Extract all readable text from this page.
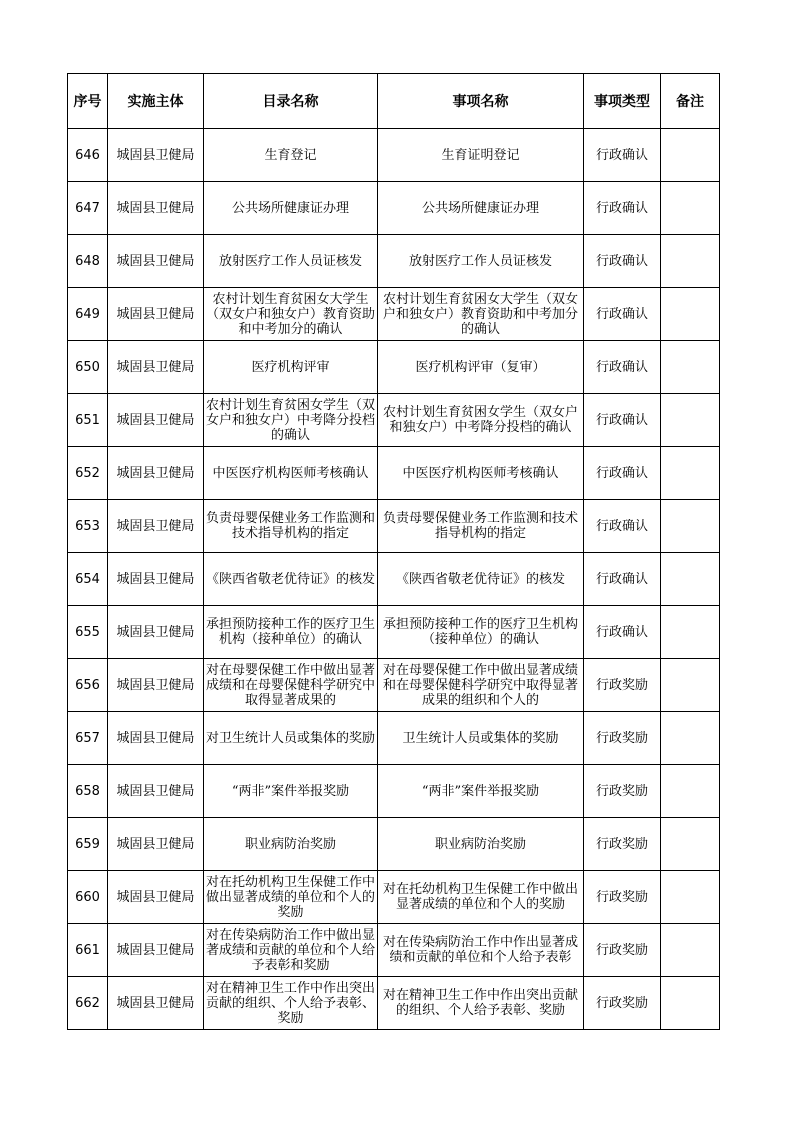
序号	实施主体	目录名称	事项名称	事项类型	备注

646	城固县卫健局	生育登记	生育证明登记	行政确认	

647	城固县卫健局	公共场所健康证办理	公共场所健康证办理	行政确认	

648	城固县卫健局	放射医疗工作人员证核发	放射医疗工作人员证核发	行政确认	

649	城固县卫健局	农村计划生育贫困女大学生（双女户和独女户）教育资助和中考加分的确认	农村计划生育贫困女大学生（双女户和独女户）教育资助和中考加分的确认	行政确认	

650	城固县卫健局	医疗机构评审	医疗机构评审（复审）	行政确认	

651	城固县卫健局	农村计划生育贫困女学生（双女户和独女户）中考降分投档的确认	农村计划生育贫困女学生（双女户和独女户）中考降分投档的确认	行政确认	

652	城固县卫健局	中医医疗机构医师考核确认	中医医疗机构医师考核确认	行政确认	

653	城固县卫健局	负责母婴保健业务工作监测和技术指导机构的指定	负责母婴保健业务工作监测和技术指导机构的指定	行政确认	

654	城固县卫健局	《陕西省敬老优待证》的核发	《陕西省敬老优待证》的核发	行政确认	

655	城固县卫健局	承担预防接种工作的医疗卫生机构（接种单位）的确认	承担预防接种工作的医疗卫生机构（接种单位）的确认	行政确认	

656	城固县卫健局	对在母婴保健工作中做出显著成绩和在母婴保健科学研究中取得显著成果的	对在母婴保健工作中做出显著成绩和在母婴保健科学研究中取得显著成果的组织和个人的	行政奖励	

657	城固县卫健局	对卫生统计人员或集体的奖励	卫生统计人员或集体的奖励	行政奖励	

658	城固县卫健局	“两非”案件举报奖励	“两非”案件举报奖励	行政奖励	

659	城固县卫健局	职业病防治奖励	职业病防治奖励	行政奖励	

660	城固县卫健局	对在托幼机构卫生保健工作中做出显著成绩的单位和个人的奖励	对在托幼机构卫生保健工作中做出显著成绩的单位和个人的奖励	行政奖励	

661	城固县卫健局	对在传染病防治工作中做出显著成绩和贡献的单位和个人给予表彰和奖励	对在传染病防治工作中作出显著成绩和贡献的单位和个人给予表彰	行政奖励	

662	城固县卫健局	对在精神卫生工作中作出突出贡献的组织、个人给予表彰、奖励	对在精神卫生工作中作出突出贡献的组织、个人给予表彰、奖励	行政奖励	
